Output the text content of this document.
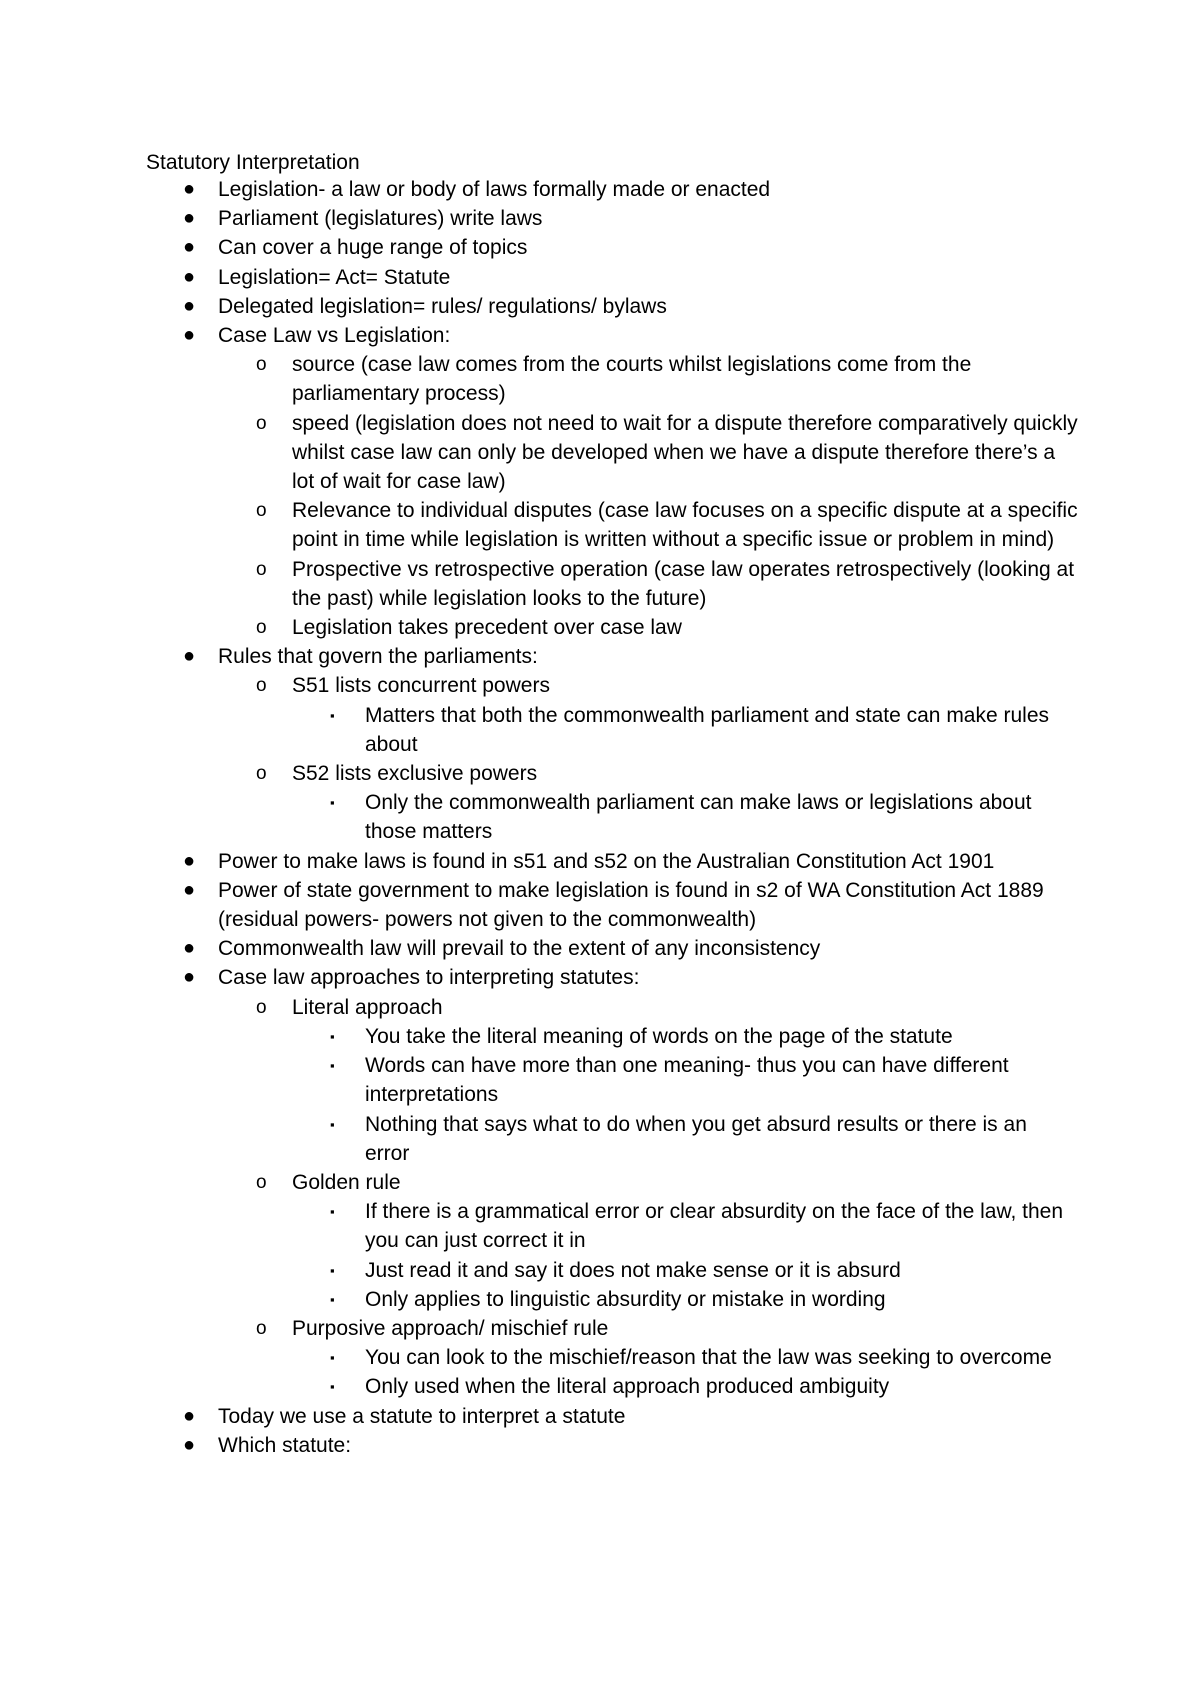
Statutory Interpretation
● Legislation- a law or body of laws formally made or enacted
● Parliament (legislatures) write laws
● Can cover a huge range of topics
● Legislation= Act= Statute
● Delegated legislation= rules/ regulations/ bylaws
● Case Law vs Legislation:
o source (case law comes from the courts whilst legislations come from the parliamentary process)
o speed (legislation does not need to wait for a dispute therefore comparatively quickly whilst case law can only be developed when we have a dispute therefore there’s a lot of wait for case law)
o Relevance to individual disputes (case law focuses on a specific dispute at a specific point in time while legislation is written without a specific issue or problem in mind)
o Prospective vs retrospective operation (case law operates retrospectively (looking at the past) while legislation looks to the future)
o Legislation takes precedent over case law
● Rules that govern the parliaments:
o S51 lists concurrent powers
▪ Matters that both the commonwealth parliament and state can make rules about
o S52 lists exclusive powers
▪ Only the commonwealth parliament can make laws or legislations about those matters
● Power to make laws is found in s51 and s52 on the Australian Constitution Act 1901
● Power of state government to make legislation is found in s2 of WA Constitution Act 1889 (residual powers- powers not given to the commonwealth)
● Commonwealth law will prevail to the extent of any inconsistency
● Case law approaches to interpreting statutes:
o Literal approach
▪ You take the literal meaning of words on the page of the statute
▪ Words can have more than one meaning- thus you can have different interpretations
▪ Nothing that says what to do when you get absurd results or there is an error
o Golden rule
▪ If there is a grammatical error or clear absurdity on the face of the law, then you can just correct it in
▪ Just read it and say it does not make sense or it is absurd
▪ Only applies to linguistic absurdity or mistake in wording
o Purposive approach/ mischief rule
▪ You can look to the mischief/reason that the law was seeking to overcome
▪ Only used when the literal approach produced ambiguity
● Today we use a statute to interpret a statute
● Which statute:
